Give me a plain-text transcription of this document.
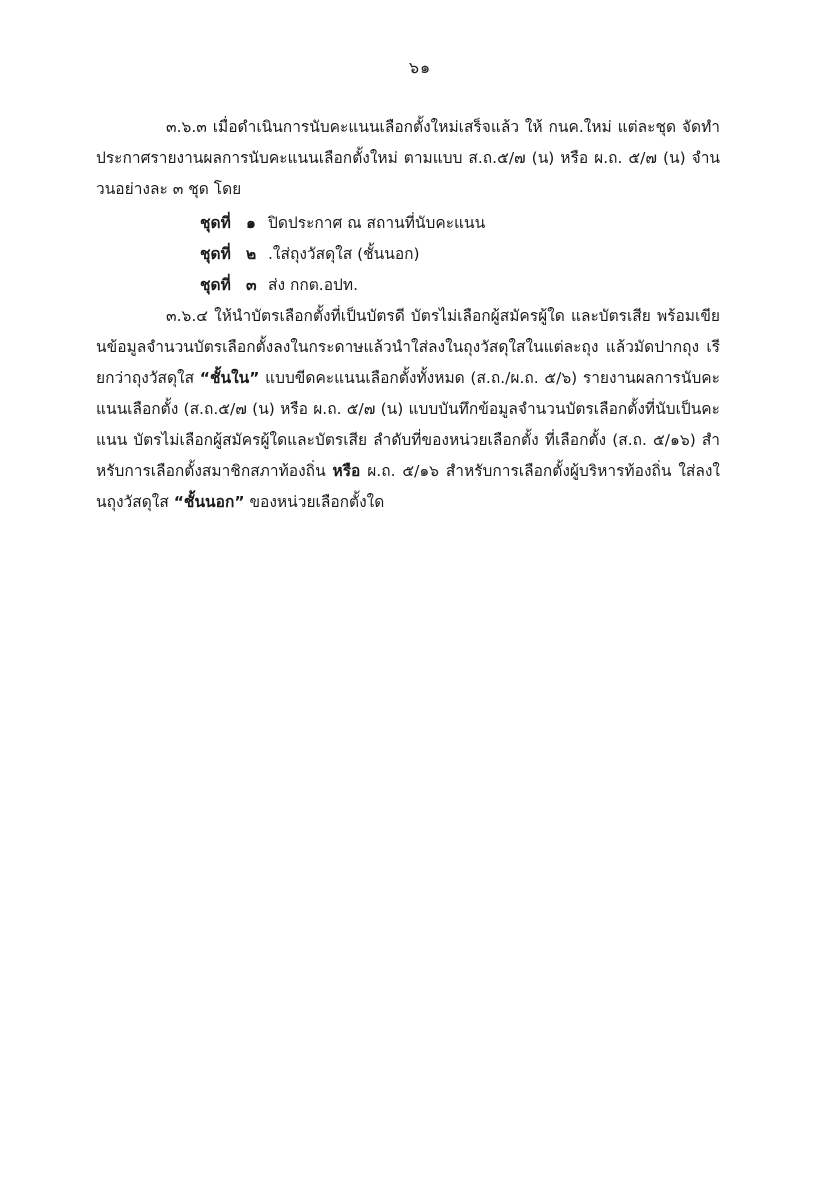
๖๑

๓.๖.๓ เมื่อดำเนินการนับคะแนนเลือกตั้งใหม่เสร็จแล้ว ให้ กนค.ใหม่ แต่ละชุด จัดทำประกาศรายงานผลการนับคะแนนเลือกตั้งใหม่ ตามแบบ ส.ถ.๕/๗ (น) หรือ ผ.ถ. ๕/๗ (น) จำนวนอย่างละ ๓ ชุด โดย

ชุดที่ ๑ ปิดประกาศ ณ สถานที่นับคะแนน
ชุดที่ ๒ .ใส่ถุงวัสดุใส (ชั้นนอก)
ชุดที่ ๓ ส่ง กกต.อปท.

๓.๖.๔ ให้นำบัตรเลือกตั้งที่เป็นบัตรดี บัตรไม่เลือกผู้สมัครผู้ใด และบัตรเสีย พร้อมเขียนข้อมูลจำนวนบัตรเลือกตั้งลงในกระดาษแล้วนำใส่ลงในถุงวัสดุใสในแต่ละถุง แล้วมัดปากถุง เรียกว่าถุงวัสดุใส “ชั้นใน” แบบขีดคะแนนเลือกตั้งทั้งหมด (ส.ถ./ผ.ถ. ๕/๖) รายงานผลการนับคะแนนเลือกตั้ง (ส.ถ.๕/๗ (น) หรือ ผ.ถ. ๕/๗ (น) แบบบันทึกข้อมูลจำนวนบัตรเลือกตั้งที่นับเป็นคะแนน บัตรไม่เลือกผู้สมัครผู้ใดและบัตรเสีย ลำดับที่ของหน่วยเลือกตั้ง ที่เลือกตั้ง (ส.ถ. ๕/๑๖) สำหรับการเลือกตั้งสมาชิกสภาท้องถิ่น หรือ ผ.ถ. ๕/๑๖ สำหรับการเลือกตั้งผู้บริหารท้องถิ่น ใส่ลงในถุงวัสดุใส “ชั้นนอก” ของหน่วยเลือกตั้งใด
